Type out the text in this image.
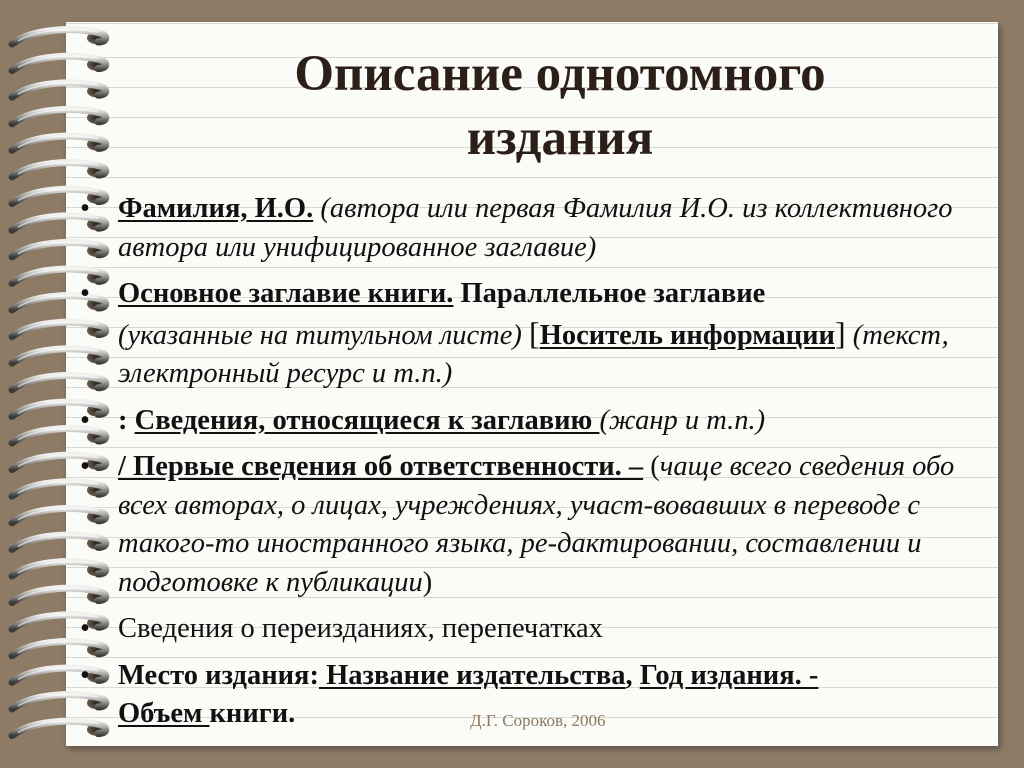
Описание однотомного
издания
• Фамилия, И.О. (автора или первая Фамилия И.О. из коллективного автора или унифицированное заглавие)
• Основное заглавие книги. Параллельное заглавие
(указанные на титульном листе) [Носитель информации] (текст, электронный ресурс и т.п.)
• : Сведения, относящиеся к заглавию (жанр и т.п.)
• / Первые сведения об ответственности. – (чаще всего сведения обо всех авторах, о лицах, учреждениях, участ-вовавших в переводе с такого-то иностранного языка, ре-дактировании, составлении и подготовке к публикации)
• Сведения о переизданиях, перепечатках
• Место издания: Название издательства, Год издания. -
Объем книги.	Д.Г. Сороков, 2006
